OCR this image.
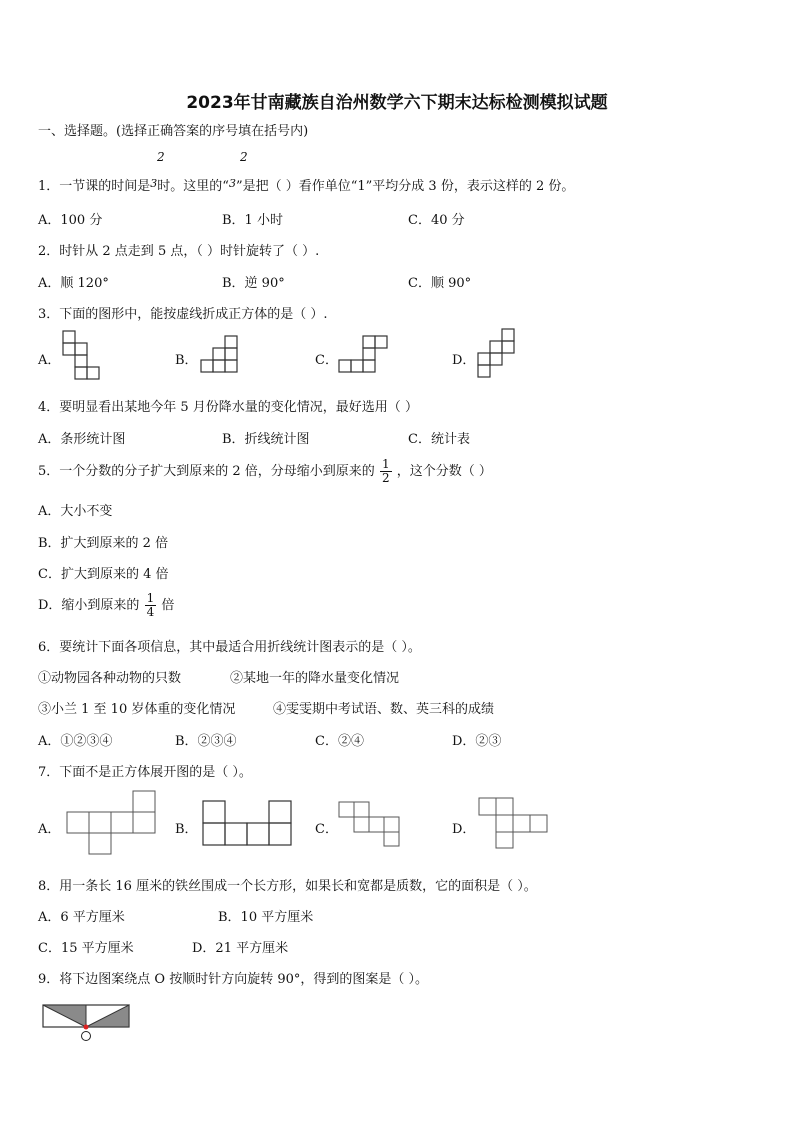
2023年甘南藏族自治州数学六下期末达标检测模拟试题
一、选择题。(选择正确答案的序号填在括号内)
2	2
1．一节课的时间是$^3$时。这里的“$^3$”是把（ ）看作单位“1”平均分成 3 份，表示这样的 2 份。
A．100 分	B．1 小时	C．40 分
2．时针从 2 点走到 5 点，（ ）时针旋转了（ ）.
A．顺 120°	B．逆 90°	C．顺 90°
3．下面的图形中，能按虚线折成正方体的是（ ）.
A．	B．	C．	D．
4．要明显看出某地今年 5 月份降水量的变化情况，最好选用（ ）
A．条形统计图	B．折线统计图	C．统计表
5．一个分数的分子扩大到原来的 2 倍，分母缩小到原来的 $\frac{1}{2}$ ，这个分数（ ）
A．大小不变
B．扩大到原来的 2 倍
C．扩大到原来的 4 倍
D．缩小到原来的 $\frac{1}{4}$ 倍
6．要统计下面各项信息，其中最适合用折线统计图表示的是（ ）。
①动物园各种动物的只数	②某地一年的降水量变化情况
③小兰 1 至 10 岁体重的变化情况	④雯雯期中考试语、数、英三科的成绩
A．①②③④	B．②③④	C．②④	D．②③
7．下面不是正方体展开图的是（ ）。
A．	B．	C．	D．
8．用一条长 16 厘米的铁丝围成一个长方形，如果长和宽都是质数，它的面积是（ ）。
A．6 平方厘米	B．10 平方厘米
C．15 平方厘米	D．21 平方厘米
9．将下边图案绕点 O 按顺时针方向旋转 90°，得到的图案是（ ）。
